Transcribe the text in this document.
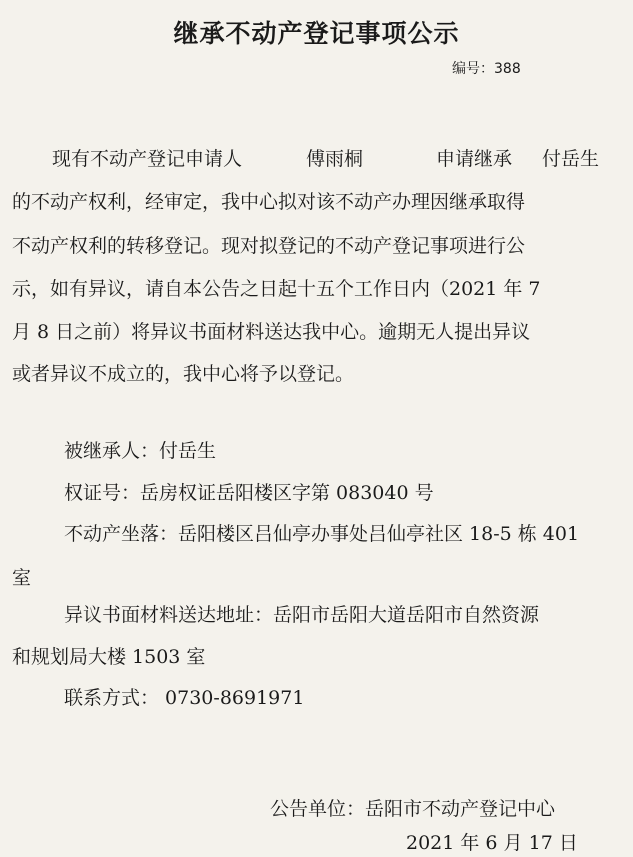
继承不动产登记事项公示
编号：388
现有不动产登记申请人	傅雨桐	申请继承 付岳生
的不动产权利，经审定，我中心拟对该不动产办理因继承取得
不动产权利的转移登记。现对拟登记的不动产登记事项进行公
示，如有异议，请自本公告之日起十五个工作日内（2021 年 7
月 8 日之前）将异议书面材料送达我中心。逾期无人提出异议
或者异议不成立的，我中心将予以登记。
被继承人：付岳生
权证号：岳房权证岳阳楼区字第 083040 号
不动产坐落：岳阳楼区吕仙亭办事处吕仙亭社区 18-5 栋 401
室
异议书面材料送达地址：岳阳市岳阳大道岳阳市自然资源
和规划局大楼 1503 室
联系方式： 0730-8691971
公告单位：岳阳市不动产登记中心
2021 年 6 月 17 日
